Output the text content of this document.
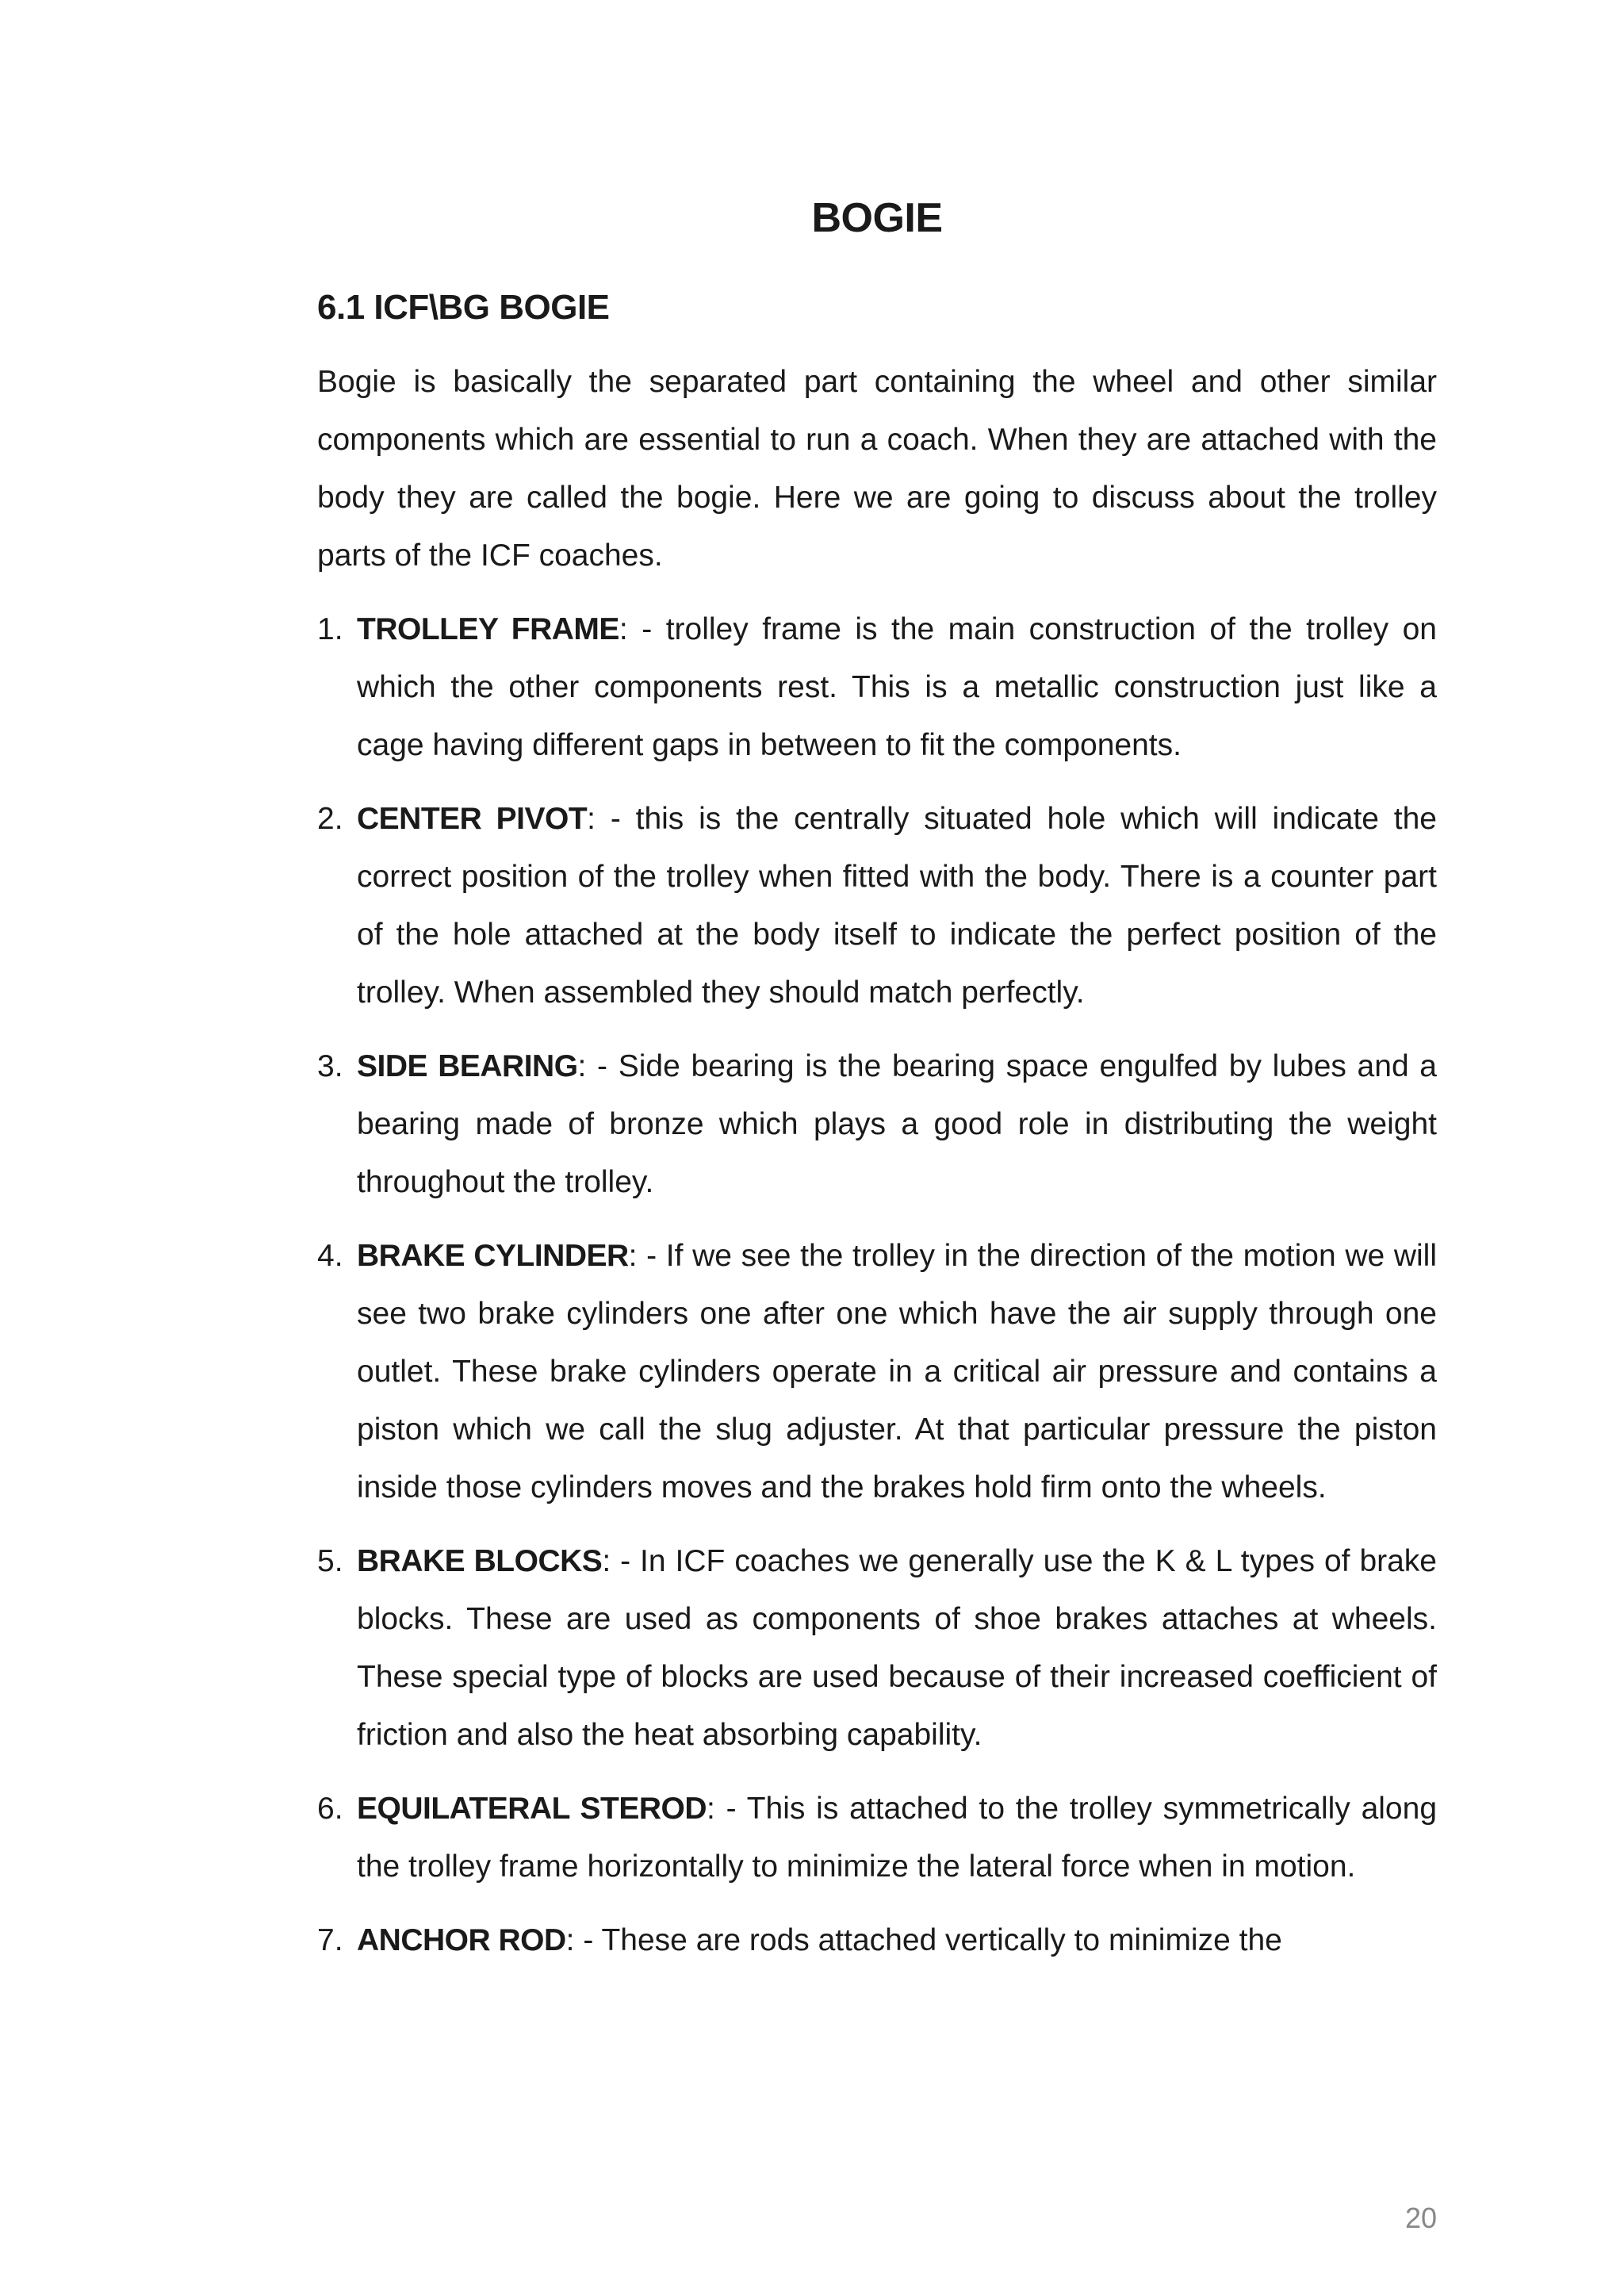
BOGIE
6.1 ICF\BG BOGIE

Bogie is basically the separated part containing the wheel and other similar components which are essential to run a coach. When they are attached with the body they are called the bogie. Here we are going to discuss about the trolley parts of the ICF coaches.

1. TROLLEY FRAME: - trolley frame is the main construction of the trolley on which the other components rest. This is a metallic construction just like a cage having different gaps in between to fit the components.
2. CENTER PIVOT: - this is the centrally situated hole which will indicate the correct position of the trolley when fitted with the body. There is a counter part of the hole attached at the body itself to indicate the perfect position of the trolley. When assembled they should match perfectly.
3. SIDE BEARING: - Side bearing is the bearing space engulfed by lubes and a bearing made of bronze which plays a good role in distributing the weight throughout the trolley.
4. BRAKE CYLINDER: - If we see the trolley in the direction of the motion we will see two brake cylinders one after one which have the air supply through one outlet. These brake cylinders operate in a critical air pressure and contains a piston which we call the slug adjuster. At that particular pressure the piston inside those cylinders moves and the brakes hold firm onto the wheels.
5. BRAKE BLOCKS: - In ICF coaches we generally use the K & L types of brake blocks. These are used as components of shoe brakes attaches at wheels. These special type of blocks are used because of their increased coefficient of friction and also the heat absorbing capability.
6. EQUILATERAL STEROD: - This is attached to the trolley symmetrically along the trolley frame horizontally to minimize the lateral force when in motion.
7. ANCHOR ROD: - These are rods attached vertically to minimize the
20
